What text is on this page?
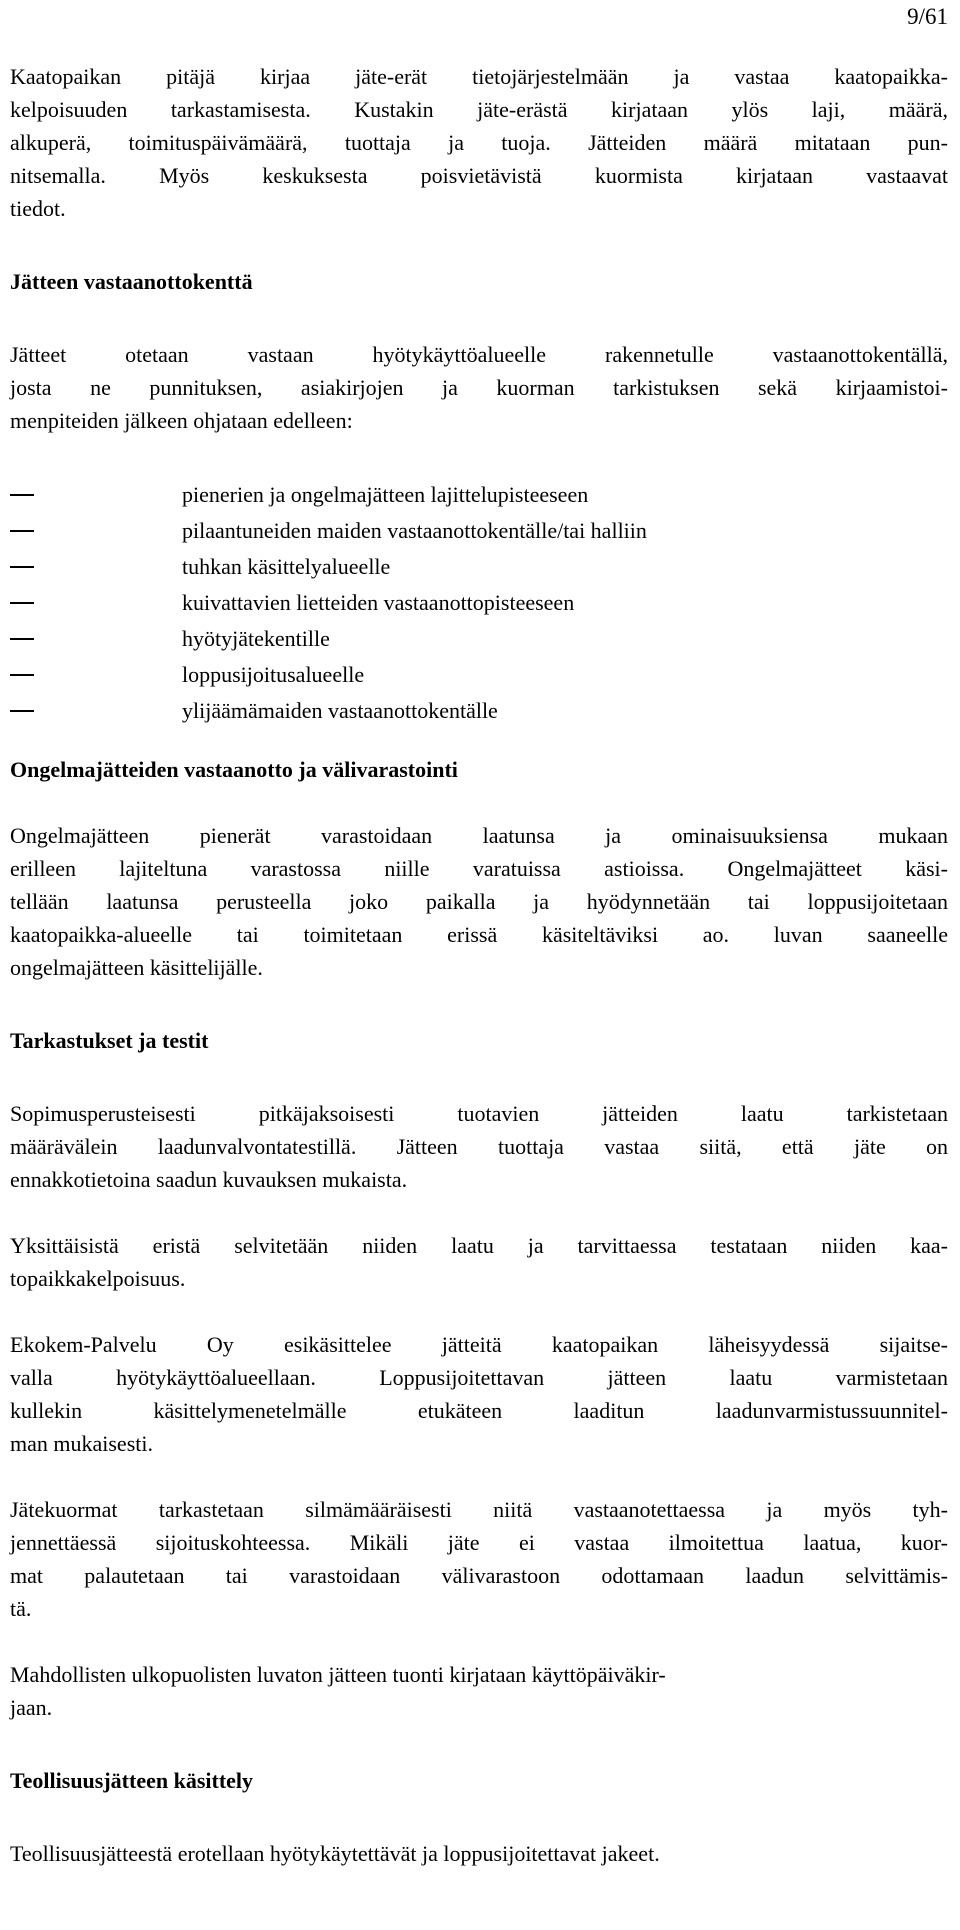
9/61

Kaatopaikan pitäjä kirjaa jäte-erät tietojärjestelmään ja vastaa kaatopaikka-
kelpoisuuden tarkastamisesta. Kustakin jäte-erästä kirjataan ylös laji, määrä,
alkuperä, toimituspäivämäärä, tuottaja ja tuoja. Jätteiden määrä mitataan pun-
nitsemalla. Myös keskuksesta poisvietävistä kuormista kirjataan vastaavat
tiedot.

Jätteen vastaanottokenttä

Jätteet otetaan vastaan hyötykäyttöalueelle rakennetulle vastaanottokentällä,
josta ne punnituksen, asiakirjojen ja kuorman tarkistuksen sekä kirjaamistoi-
menpiteiden jälkeen ohjataan edelleen:

pienerien ja ongelmajätteen lajittelupisteeseen
pilaantuneiden maiden vastaanottokentälle/tai halliin
tuhkan käsittelyalueelle
kuivattavien lietteiden vastaanottopisteeseen
hyötyjätekentille
loppusijoitusalueelle
ylijäämämaiden vastaanottokentälle
Ongelmajätteiden vastaanotto ja välivarastointi

Ongelmajätteen pienerät varastoidaan laatunsa ja ominaisuuksiensa mukaan
erilleen lajiteltuna varastossa niille varatuissa astioissa. Ongelmajätteet käsi-
tellään laatunsa perusteella joko paikalla ja hyödynnetään tai loppusijoitetaan
kaatopaikka-alueelle tai toimitetaan erissä käsiteltäviksi ao. luvan saaneelle
ongelmajätteen käsittelijälle.

Tarkastukset ja testit

Sopimusperusteisesti pitkäjaksoisesti tuotavien jätteiden laatu tarkistetaan
määrävälein laadunvalvontatestillä. Jätteen tuottaja vastaa siitä, että jäte on
ennakkotietoina saadun kuvauksen mukaista.

Yksittäisistä eristä selvitetään niiden laatu ja tarvittaessa testataan niiden kaa-
topaikkakelpoisuus.

Ekokem-Palvelu Oy esikäsittelee jätteitä kaatopaikan läheisyydessä sijaitse-
valla hyötykäyttöalueellaan. Loppusijoitettavan jätteen laatu varmistetaan
kullekin käsittelymenetelmälle etukäteen laaditun laadunvarmistussuunnitel-
man mukaisesti.

Jätekuormat tarkastetaan silmämääräisesti niitä vastaanotettaessa ja myös tyh-
jennettäessä sijoituskohteessa. Mikäli jäte ei vastaa ilmoitettua laatua, kuor-
mat palautetaan tai varastoidaan välivarastoon odottamaan laadun selvittämis-
tä.

Mahdollisten ulkopuolisten luvaton jätteen tuonti kirjataan käyttöpäiväkir-
jaan.

Teollisuusjätteen käsittely

Teollisuusjätteestä erotellaan hyötykäytettävät ja loppusijoitettavat jakeet.
